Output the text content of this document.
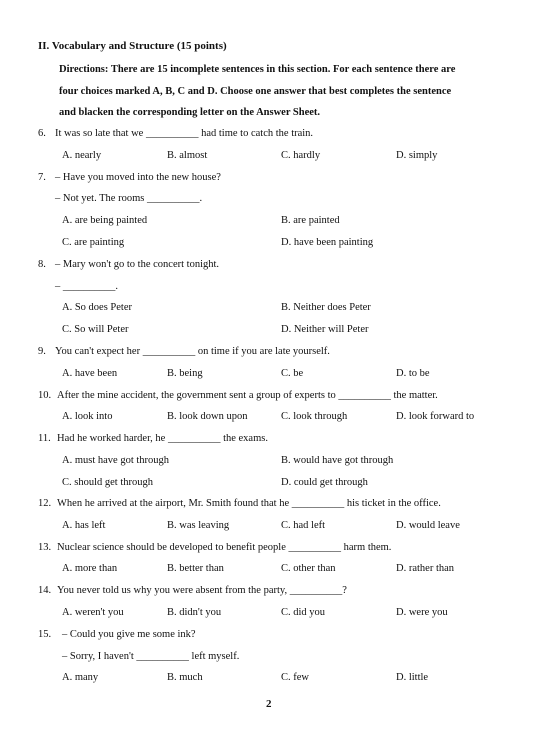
II. Vocabulary and Structure (15 points)
Directions: There are 15 incomplete sentences in this section. For each sentence there are
four choices marked A, B, C and D. Choose one answer that best completes the sentence
and blacken the corresponding letter on the Answer Sheet.
6. It was so late that we __________ had time to catch the train.
A. nearly	B. almost	C. hardly	D. simply
7. – Have you moved into the new house?
– Not yet. The rooms __________.
A. are being painted	B. are painted
C. are painting	D. have been painting
8. – Mary won't go to the concert tonight.
– __________.
A. So does Peter	B. Neither does Peter
C. So will Peter	D. Neither will Peter
9. You can't expect her __________ on time if you are late yourself.
A. have been	B. being	C. be	D. to be
10. After the mine accident, the government sent a group of experts to __________ the matter.
A. look into	B. look down upon	C. look through	D. look forward to
11. Had he worked harder, he __________ the exams.
A. must have got through	B. would have got through
C. should get through	D. could get through
12. When he arrived at the airport, Mr. Smith found that he __________ his ticket in the office.
A. has left	B. was leaving	C. had left	D. would leave
13. Nuclear science should be developed to benefit people __________ harm them.
A. more than	B. better than	C. other than	D. rather than
14. You never told us why you were absent from the party, __________?
A. weren't you	B. didn't you	C. did you	D. were you
15. – Could you give me some ink?
– Sorry, I haven't __________ left myself.
A. many	B. much	C. few	D. little
2
